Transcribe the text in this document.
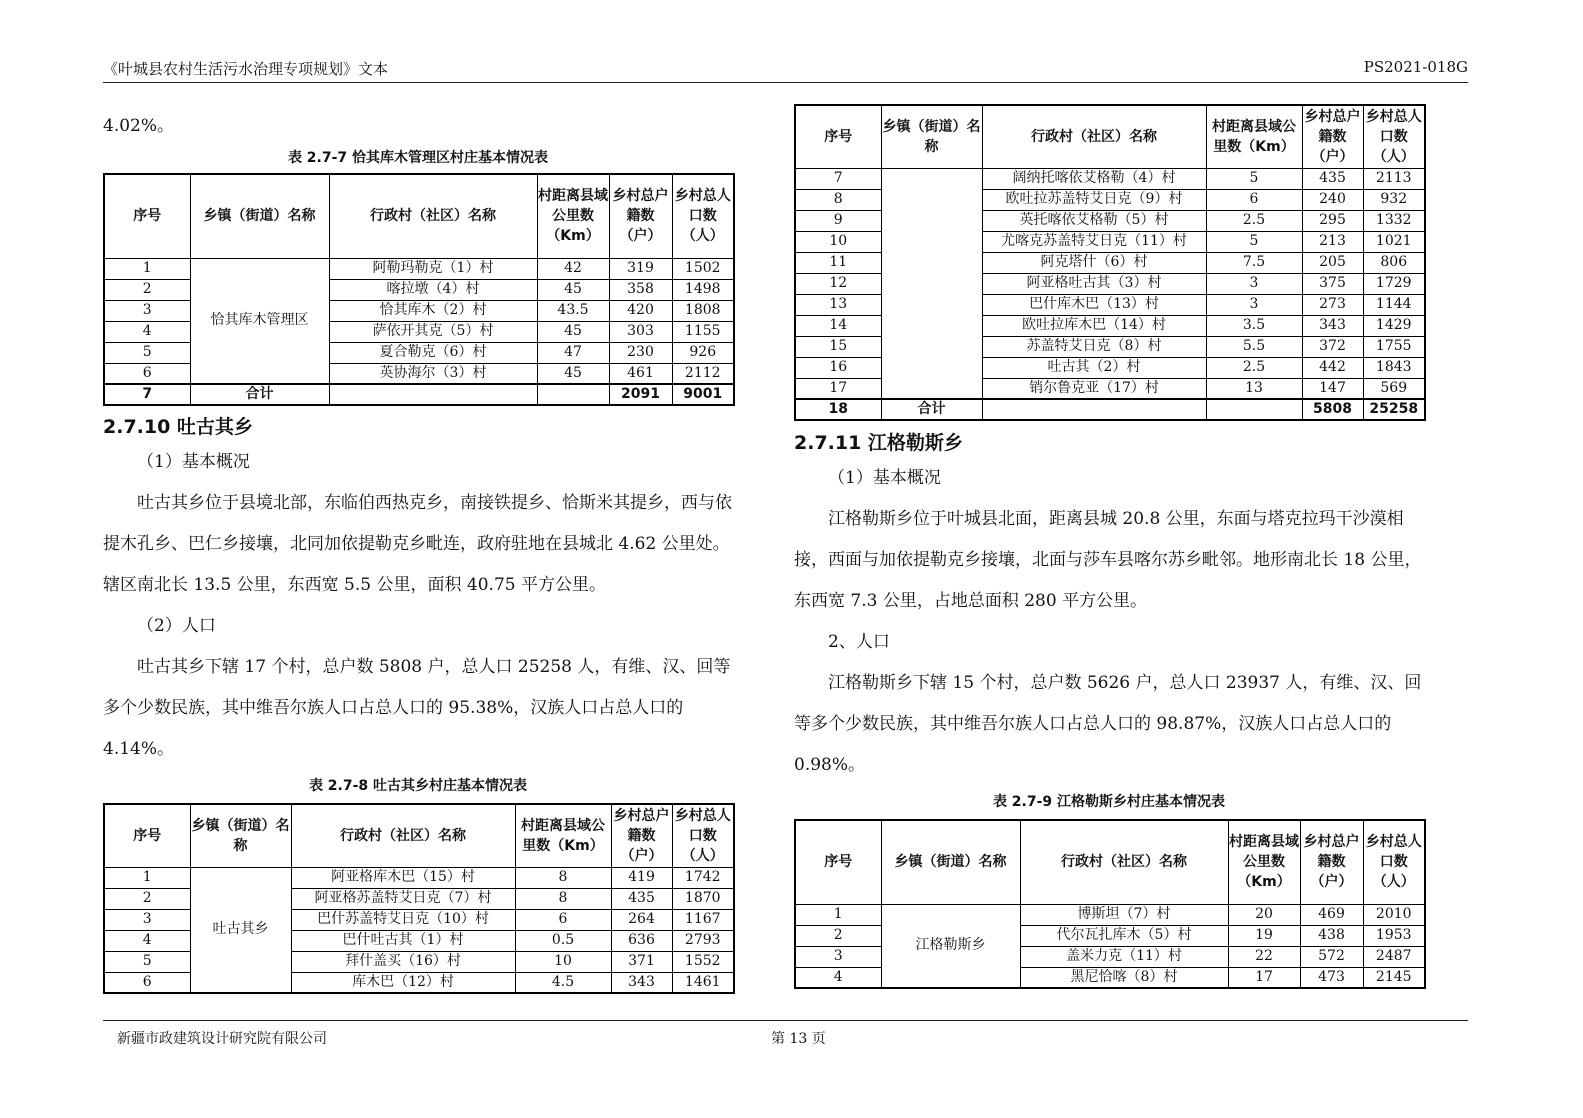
《叶城县农村生活污水治理专项规划》文本	PS2021-018G

4.02%。

表 2.7-7 恰其库木管理区村庄基本情况表
序号	乡镇（街道）名称	行政村（社区）名称	村距离县域公里数（Km）	乡村总户籍数（户）	乡村总人口数（人）
1	恰其库木管理区	阿勒玛勒克（1）村	42	319	1502
2		喀拉墩（4）村	45	358	1498
3		恰其库木（2）村	43.5	420	1808
4		萨依开其克（5）村	45	303	1155
5		夏合勒克（6）村	47	230	926
6		英协海尔（3）村	45	461	2112
7	合计			2091	9001
2.7.10 吐古其乡

（1）基本概况

吐古其乡位于县境北部，东临伯西热克乡，南接铁提乡、恰斯米其提乡，西与依提木孔乡、巴仁乡接壤，北同加依提勒克乡毗连，政府驻地在县城北 4.62 公里处。辖区南北长 13.5 公里，东西宽 5.5 公里，面积 40.75 平方公里。

（2）人口

吐古其乡下辖 17 个村，总户数 5808 户，总人口 25258 人，有维、汉、回等多个少数民族，其中维吾尔族人口占总人口的 95.38%，汉族人口占总人口的 4.14%。

表 2.7-8 吐古其乡村庄基本情况表
序号	乡镇（街道）名称	行政村（社区）名称	村距离县域公里数（Km）	乡村总户籍数（户）	乡村总人口数（人）
1	吐古其乡	阿亚格库木巴（15）村	8	419	1742
2		阿亚格苏盖特艾日克（7）村	8	435	1870
3		巴什苏盖特艾日克（10）村	6	264	1167
4		巴什吐古其（1）村	0.5	636	2793
5		拜什盖买（16）村	10	371	1552
6		库木巴（12）村	4.5	343	1461
序号	乡镇（街道）名称	行政村（社区）名称	村距离县域公里数（Km）	乡村总户籍数（户）	乡村总人口数（人）
7		阔纳托喀依艾格勒（4）村	5	435	2113
8		欧吐拉苏盖特艾日克（9）村	6	240	932
9		英托喀依艾格勒（5）村	2.5	295	1332
10		尤喀克苏盖特艾日克（11）村	5	213	1021
11		阿克塔什（6）村	7.5	205	806
12		阿亚格吐古其（3）村	3	375	1729
13		巴什库木巴（13）村	3	273	1144
14		欧吐拉库木巴（14）村	3.5	343	1429
15		苏盖特艾日克（8）村	5.5	372	1755
16		吐古其（2）村	2.5	442	1843
17		销尔鲁克亚（17）村	13	147	569
18	合计			5808	25258
2.7.11 江格勒斯乡

（1）基本概况

江格勒斯乡位于叶城县北面，距离县城 20.8 公里，东面与塔克拉玛干沙漠相接，西面与加依提勒克乡接壤，北面与莎车县喀尔苏乡毗邻。地形南北长 18 公里，东西宽 7.3 公里，占地总面积 280 平方公里。

2、人口

江格勒斯乡下辖 15 个村，总户数 5626 户，总人口 23937 人，有维、汉、回等多个少数民族，其中维吾尔族人口占总人口的 98.87%，汉族人口占总人口的 0.98%。

表 2.7-9 江格勒斯乡村庄基本情况表
序号	乡镇（街道）名称	行政村（社区）名称	村距离县域公里数（Km）	乡村总户籍数（户）	乡村总人口数（人）
1	江格勒斯乡	博斯坦（7）村	20	469	2010
2		代尔瓦扎库木（5）村	19	438	1953
3		盖米力克（11）村	22	572	2487
4		黑尼恰喀（8）村	17	473	2145
新疆市政建筑设计研究院有限公司	第 13 页
